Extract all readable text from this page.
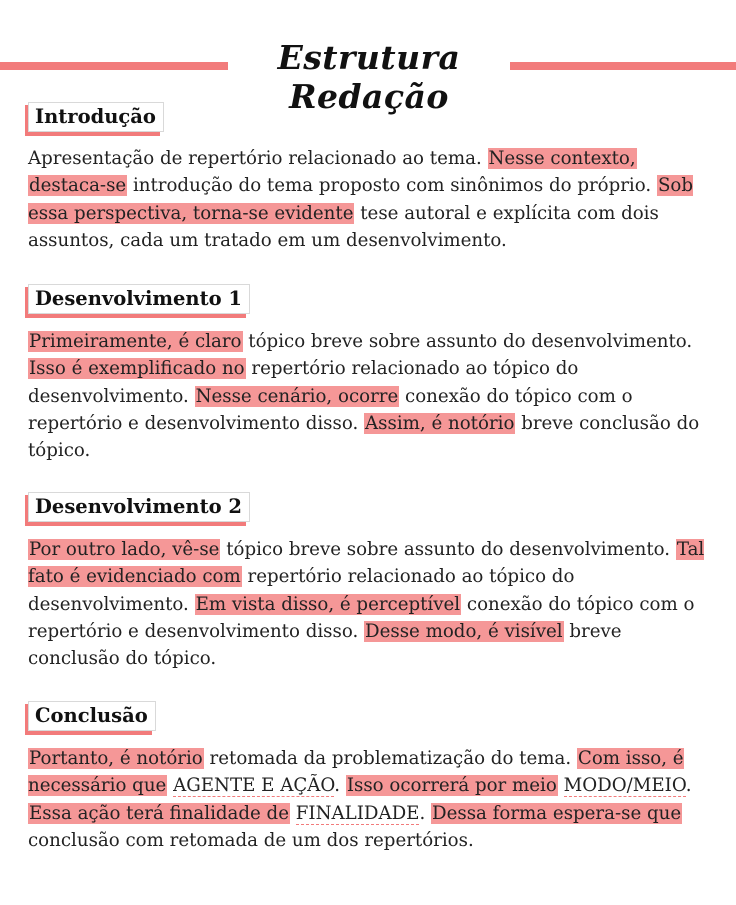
Estrutura Redação
Introdução

Apresentação de repertório relacionado ao tema. Nesse contexto, destaca-se introdução do tema proposto com sinônimos do próprio. Sob essa perspectiva, torna-se evidente tese autoral e explícita com dois assuntos, cada um tratado em um desenvolvimento.

Desenvolvimento 1

Primeiramente, é claro tópico breve sobre assunto do desenvolvimento. Isso é exemplificado no repertório relacionado ao tópico do desenvolvimento. Nesse cenário, ocorre conexão do tópico com o repertório e desenvolvimento disso. Assim, é notório breve conclusão do tópico.

Desenvolvimento 2

Por outro lado, vê-se tópico breve sobre assunto do desenvolvimento. Tal fato é evidenciado com repertório relacionado ao tópico do desenvolvimento. Em vista disso, é perceptível conexão do tópico com o repertório e desenvolvimento disso. Desse modo, é visível breve conclusão do tópico.

Conclusão

Portanto, é notório retomada da problematização do tema. Com isso, é necessário que AGENTE E AÇÃO. Isso ocorrerá por meio MODO/MEIO. Essa ação terá finalidade de FINALIDADE. Dessa forma espera-se que conclusão com retomada de um dos repertórios.
